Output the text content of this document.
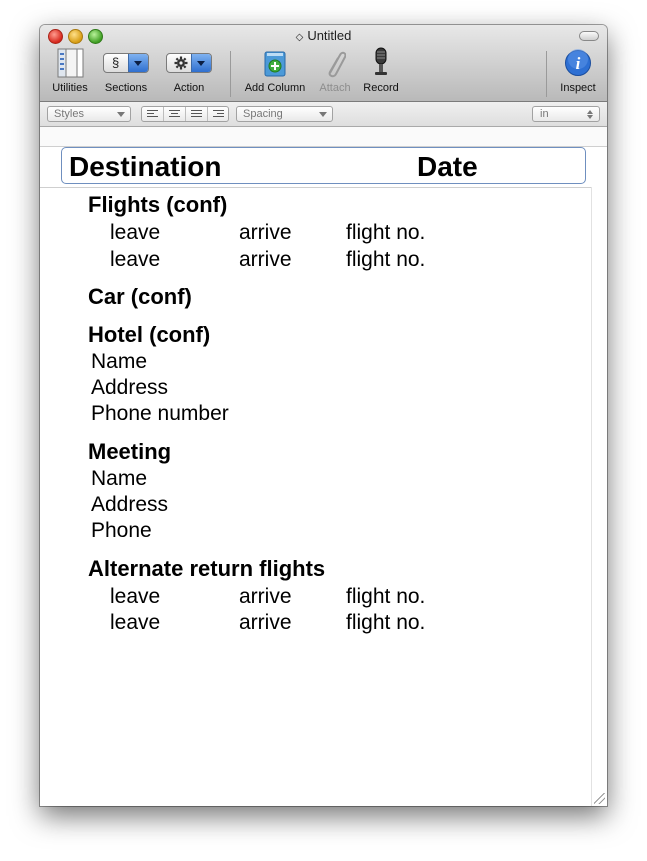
◇ Untitled
Utilities
§
Sections	Action	Add Column	Attach	Record
i
Inspect
Styles	Spacing	in
Destination	Date
Flights (conf)
leave	arrive	flight no.
leave	arrive	flight no.
Car (conf)
Hotel (conf)
Name
Address
Phone number
Meeting
Name
Address
Phone
Alternate return flights
leave	arrive	flight no.
leave	arrive	flight no.
